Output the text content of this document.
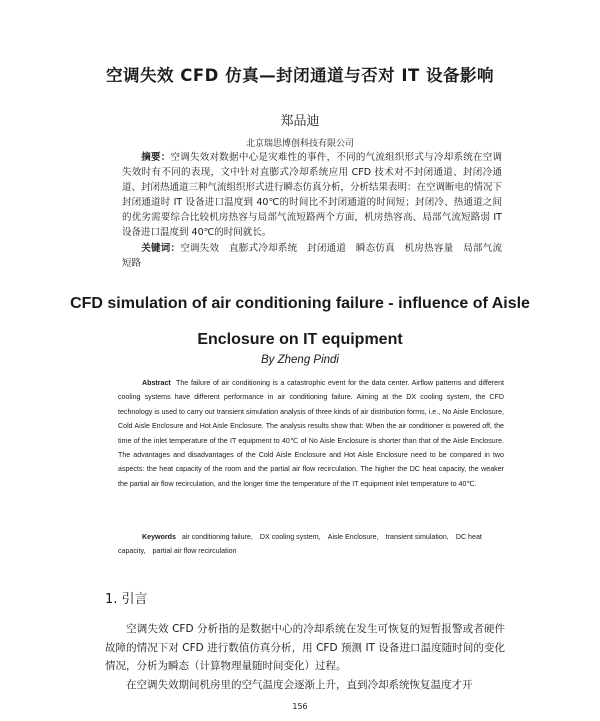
空调失效 CFD 仿真—封闭通道与否对 IT 设备影响
郑品迪
北京瑞思博创科技有限公司
摘要：空调失效对数据中心是灾难性的事件，不同的气流组织形式与冷却系统在空调失效时有不同的表现，文中针对直膨式冷却系统应用 CFD 技术对不封闭通道、封闭冷通道、封闭热通道三种气流组织形式进行瞬态仿真分析，分析结果表明：在空调断电的情况下封闭通道时 IT 设备进口温度到 40℃的时间比不封闭通道的时间短；封闭冷、热通道之间的优劣需要综合比较机房热容与局部气流短路两个方面，机房热容高、局部气流短路弱 IT 设备进口温度到 40℃的时间就长。
关键词：空调失效　直膨式冷却系统　封闭通道　瞬态仿真　机房热容量　局部气流短路
CFD simulation of air conditioning failure - influence of Aisle
Enclosure on IT equipment
By Zheng Pindi
Abstract The failure of air conditioning is a catastrophic event for the data center. Airflow patterns and different cooling systems have different performance in air conditioning failure. Aiming at the DX cooling system, the CFD technology is used to carry out transient simulation analysis of three kinds of air distribution forms, i.e., No Aisle Enclosure, Cold Aisle Enclosure and Hot Aisle Enclosure. The analysis results show that: When the air conditioner is powered off, the time of the inlet temperature of the IT equipment to 40℃ of No Aisle Enclosure is shorter than that of the Aisle Enclosure. The advantages and disadvantages of the Cold Aisle Enclosure and Hot Aisle Enclosure need to be compared in two aspects: the heat capacity of the room and the partial air flow recirculation. The higher the DC heat capacity, the weaker the partial air flow recirculation, and the longer time the temperature of the IT equipment inlet temperature to 40℃.
Keywords air conditioning failure,　DX cooling system,　Aisle Enclosure,　transient simulation,　DC heat capacity,　partial air flow recirculation
1. 引言
空调失效 CFD 分析指的是数据中心的冷却系统在发生可恢复的短暂报警或者硬件故障的情况下对 CFD 进行数值仿真分析，用 CFD 预测 IT 设备进口温度随时间的变化情况，分析为瞬态（计算物理量随时间变化）过程。
在空调失效期间机房里的空气温度会逐渐上升，直到冷却系统恢复温度才开
156
